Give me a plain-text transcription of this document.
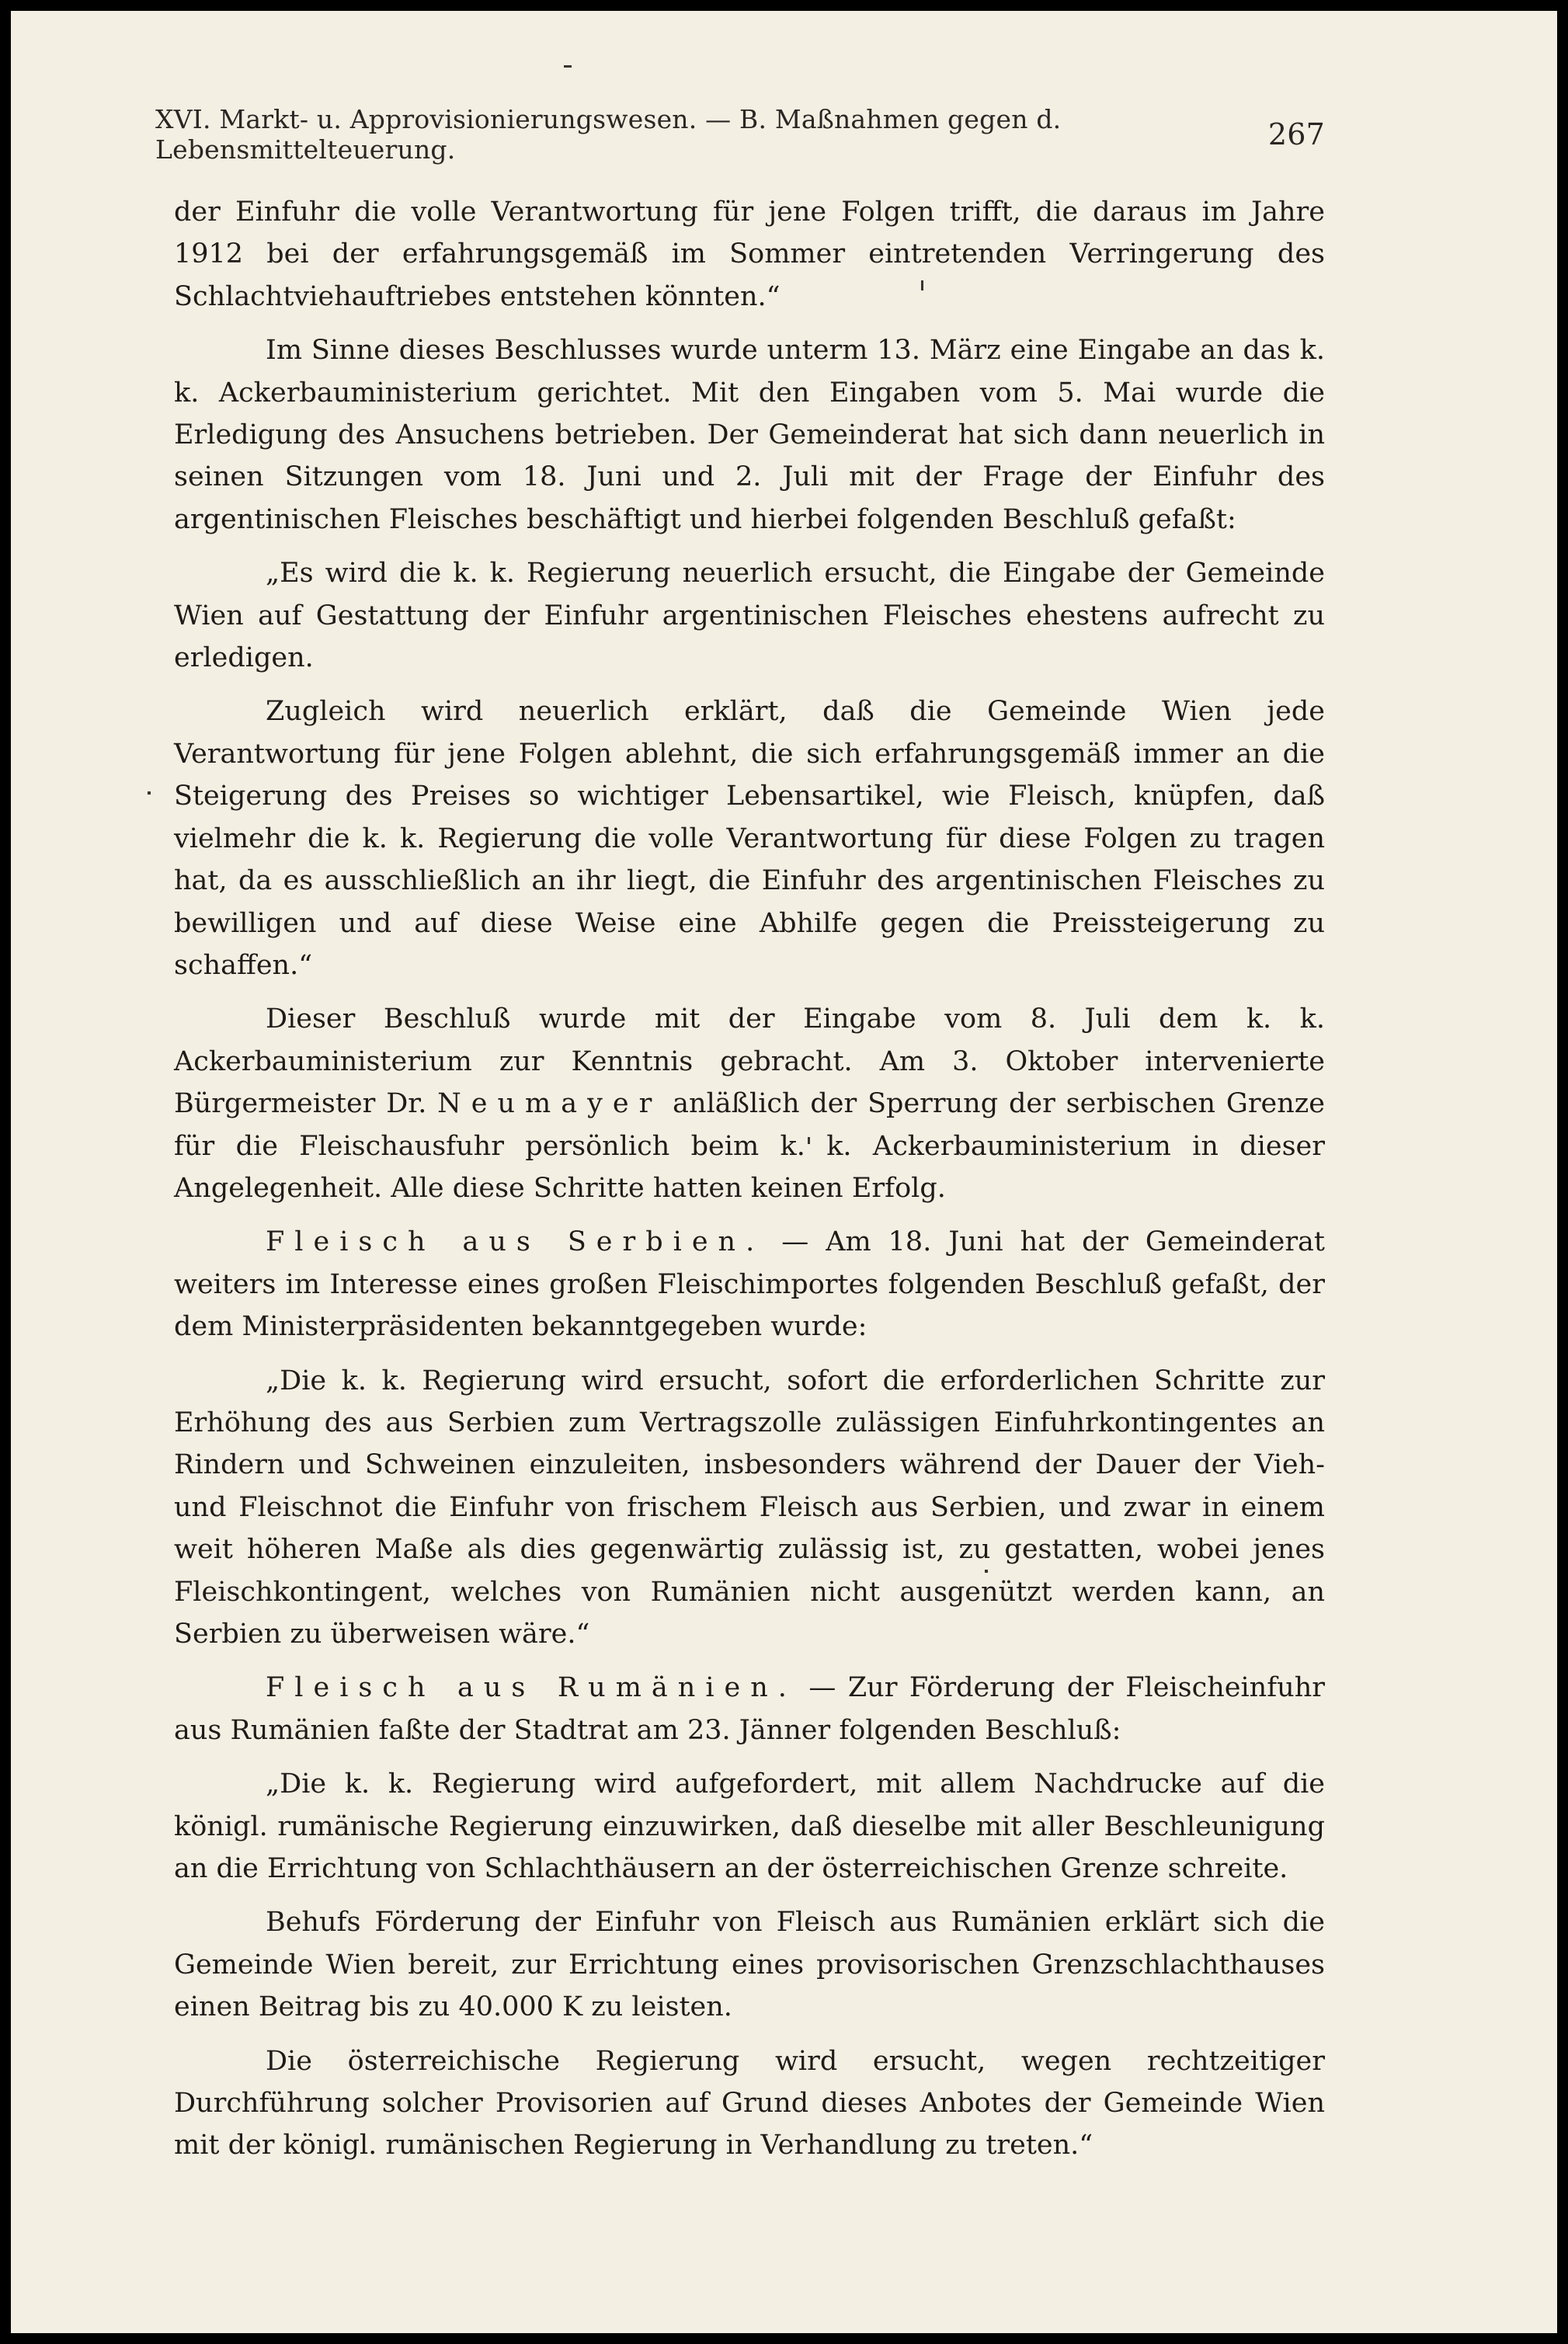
XVI. Markt- u. Approvisionierungswesen. — B. Maßnahmen gegen d. Lebensmittelteuerung.	267

der Einfuhr die volle Verantwortung für jene Folgen trifft, die daraus im Jahre 1912 bei der erfahrungsgemäß im Sommer eintretenden Verringerung des Schlachtviehauftriebes entstehen könnten.“

Im Sinne dieses Beschlusses wurde unterm 13. März eine Eingabe an das k. k. Ackerbauministerium gerichtet. Mit den Eingaben vom 5. Mai wurde die Erledigung des Ansuchens betrieben. Der Gemeinderat hat sich dann neuerlich in seinen Sitzungen vom 18. Juni und 2. Juli mit der Frage der Einfuhr des argentinischen Fleisches beschäftigt und hierbei folgenden Beschluß gefaßt:

„Es wird die k. k. Regierung neuerlich ersucht, die Eingabe der Gemeinde Wien auf Gestattung der Einfuhr argentinischen Fleisches ehestens aufrecht zu erledigen.

Zugleich wird neuerlich erklärt, daß die Gemeinde Wien jede Verantwortung für jene Folgen ablehnt, die sich erfahrungsgemäß immer an die Steigerung des Preises so wichtiger Lebensartikel, wie Fleisch, knüpfen, daß vielmehr die k. k. Regierung die volle Verantwortung für diese Folgen zu tragen hat, da es ausschließlich an ihr liegt, die Einfuhr des argentinischen Fleisches zu bewilligen und auf diese Weise eine Abhilfe gegen die Preissteigerung zu schaffen.“

Dieser Beschluß wurde mit der Eingabe vom 8. Juli dem k. k. Ackerbauministerium zur Kenntnis gebracht. Am 3. Oktober intervenierte Bürgermeister Dr. Neumayer anläßlich der Sperrung der serbischen Grenze für die Fleischausfuhr persönlich beim k. k. Ackerbauministerium in dieser Angelegenheit. Alle diese Schritte hatten keinen Erfolg.

Fleisch aus Serbien. — Am 18. Juni hat der Gemeinderat weiters im Interesse eines großen Fleischimportes folgenden Beschluß gefaßt, der dem Ministerpräsidenten bekanntgegeben wurde:

„Die k. k. Regierung wird ersucht, sofort die erforderlichen Schritte zur Erhöhung des aus Serbien zum Vertragszolle zulässigen Einfuhrkontingentes an Rindern und Schweinen einzuleiten, insbesonders während der Dauer der Vieh- und Fleischnot die Einfuhr von frischem Fleisch aus Serbien, und zwar in einem weit höheren Maße als dies gegenwärtig zulässig ist, zu gestatten, wobei jenes Fleischkontingent, welches von Rumänien nicht ausgenützt werden kann, an Serbien zu überweisen wäre.“

Fleisch aus Rumänien. — Zur Förderung der Fleischeinfuhr aus Rumänien faßte der Stadtrat am 23. Jänner folgenden Beschluß:

„Die k. k. Regierung wird aufgefordert, mit allem Nachdrucke auf die königl. rumänische Regierung einzuwirken, daß dieselbe mit aller Beschleunigung an die Errichtung von Schlachthäusern an der österreichischen Grenze schreite.

Behufs Förderung der Einfuhr von Fleisch aus Rumänien erklärt sich die Gemeinde Wien bereit, zur Errichtung eines provisorischen Grenzschlachthauses einen Beitrag bis zu 40.000 K zu leisten.

Die österreichische Regierung wird ersucht, wegen rechtzeitiger Durchführung solcher Provisorien auf Grund dieses Anbotes der Gemeinde Wien mit der königl. rumänischen Regierung in Verhandlung zu treten.“
